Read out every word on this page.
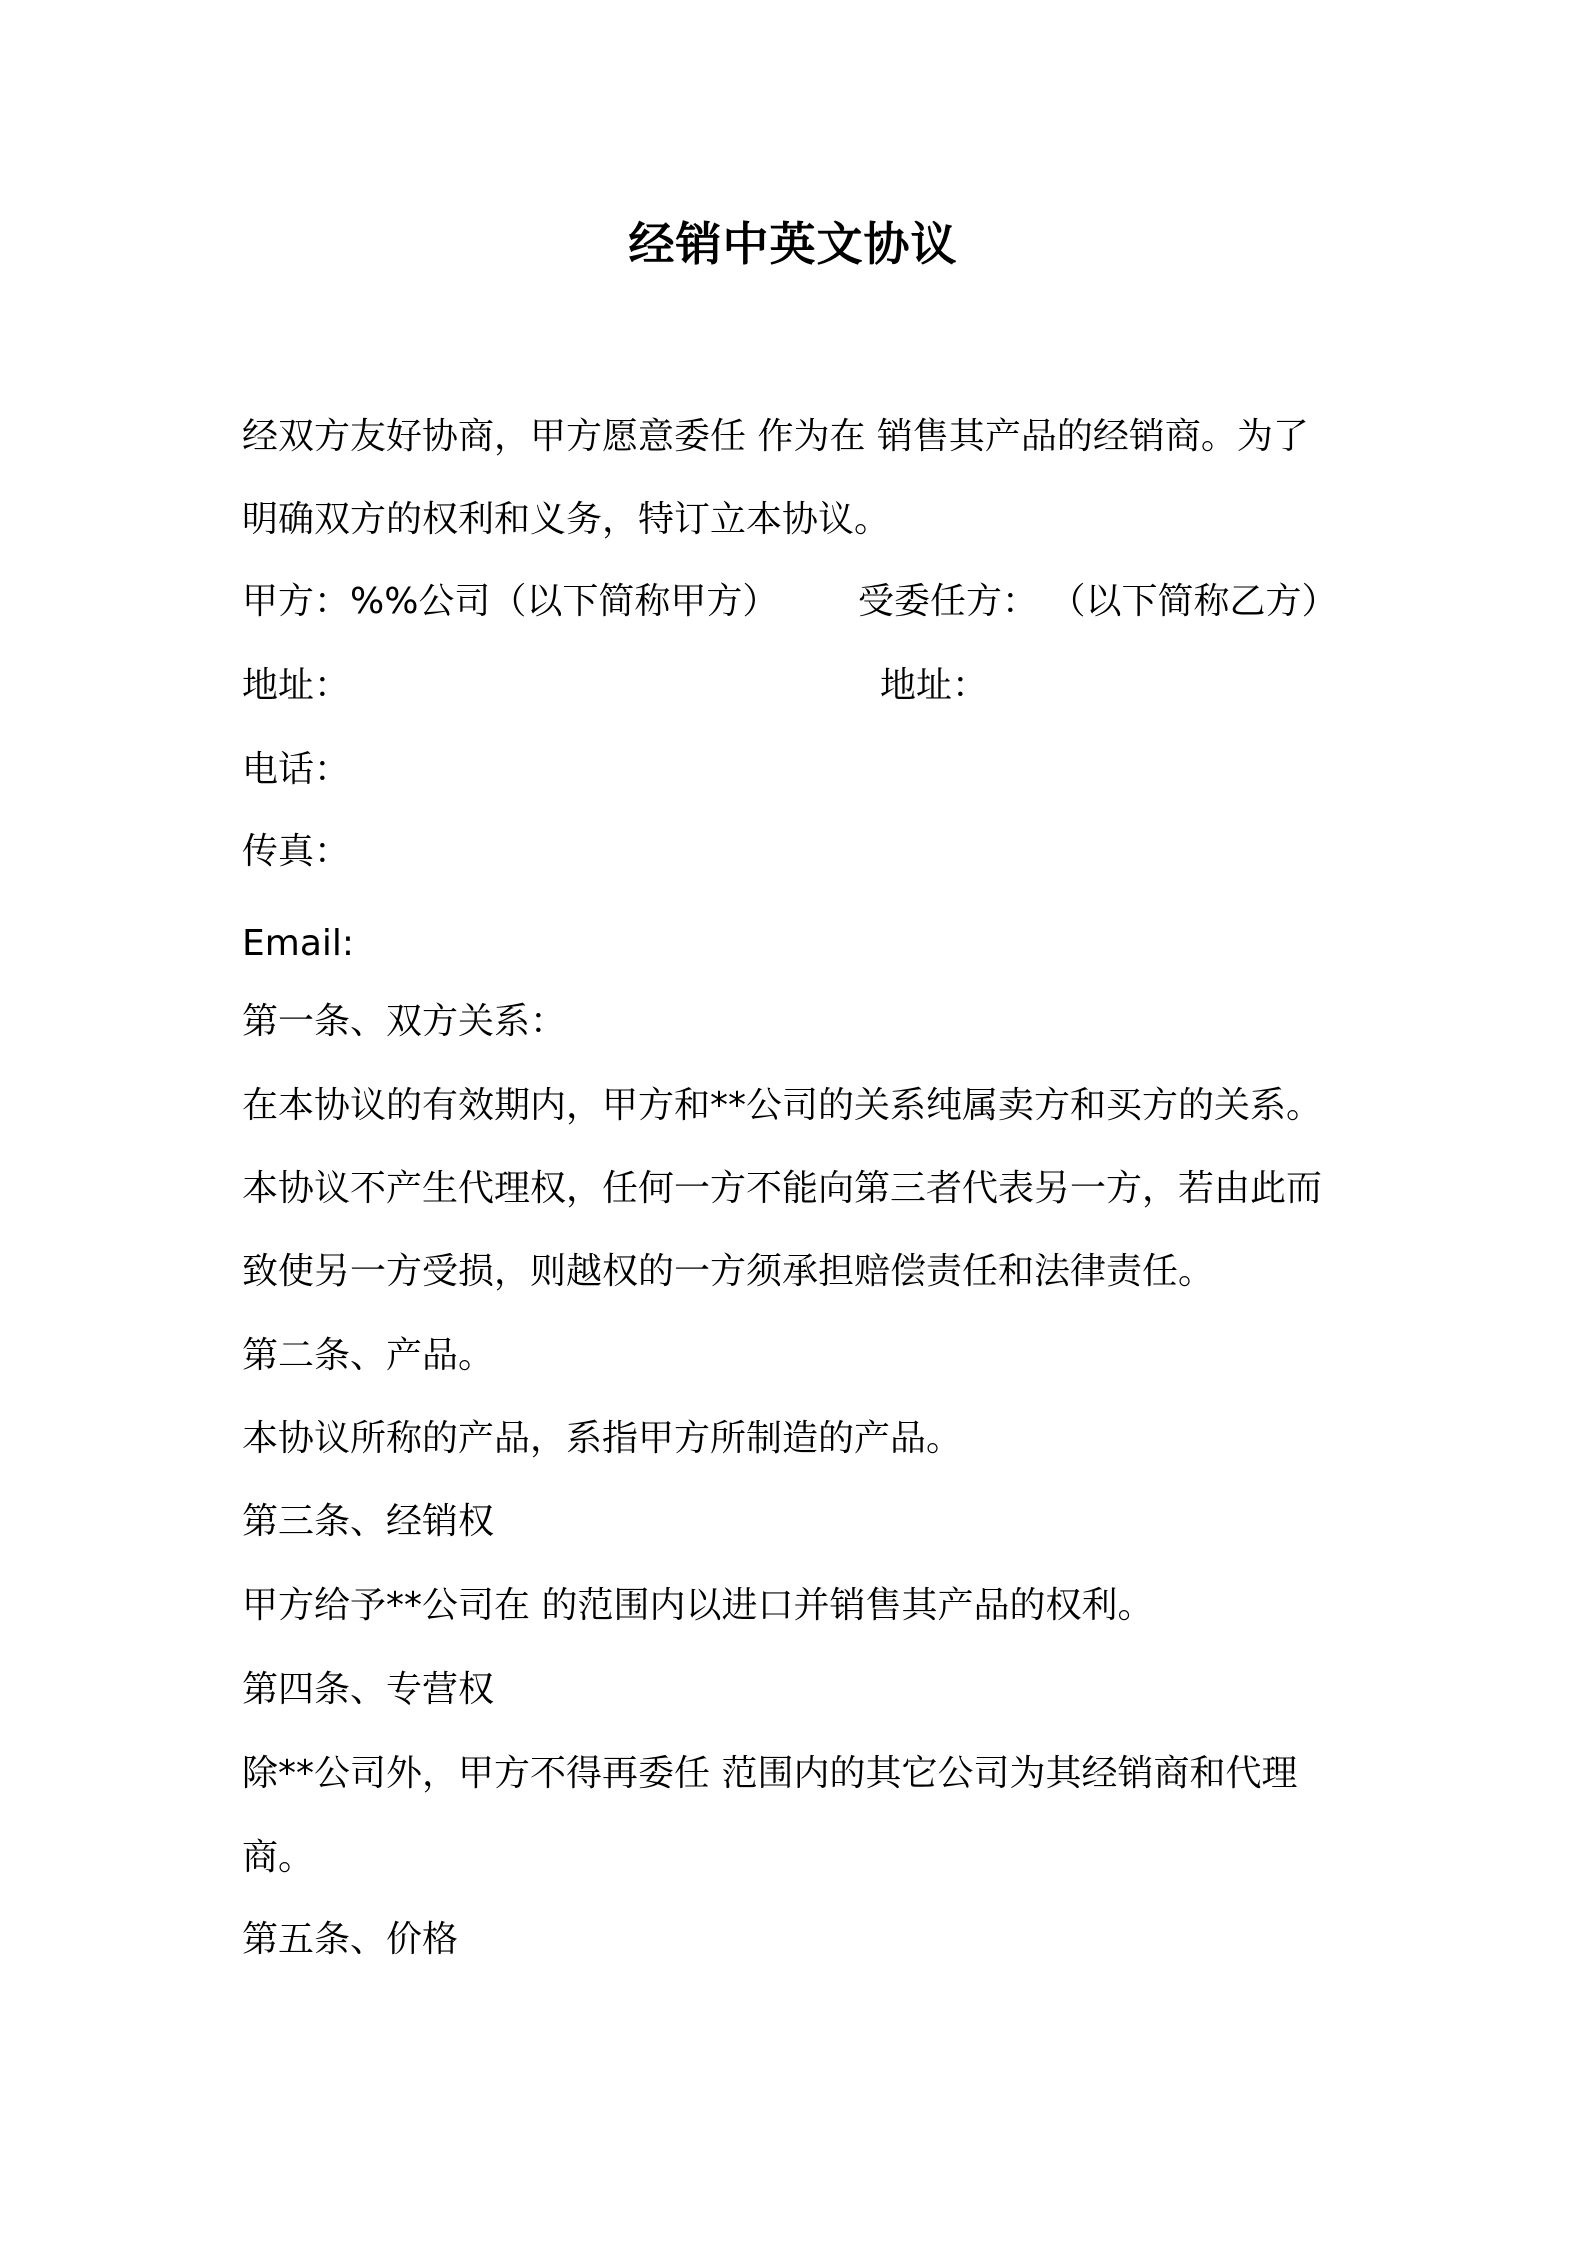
经销中英文协议
经双方友好协商，甲方愿意委任 作为在 销售其产品的经销商。为了
明确双方的权利和义务，特订立本协议。
甲方：%%公司（以下简称甲方）	受委任方： （以下简称乙方）
地址：	地址：
电话：
传真：
Email:
第一条、双方关系：
在本协议的有效期内，甲方和**公司的关系纯属卖方和买方的关系。
本协议不产生代理权，任何一方不能向第三者代表另一方，若由此而
致使另一方受损，则越权的一方须承担赔偿责任和法律责任。
第二条、产品。
本协议所称的产品，系指甲方所制造的产品。
第三条、经销权
甲方给予**公司在 的范围内以进口并销售其产品的权利。
第四条、专营权
除**公司外，甲方不得再委任 范围内的其它公司为其经销商和代理
商。
第五条、价格
